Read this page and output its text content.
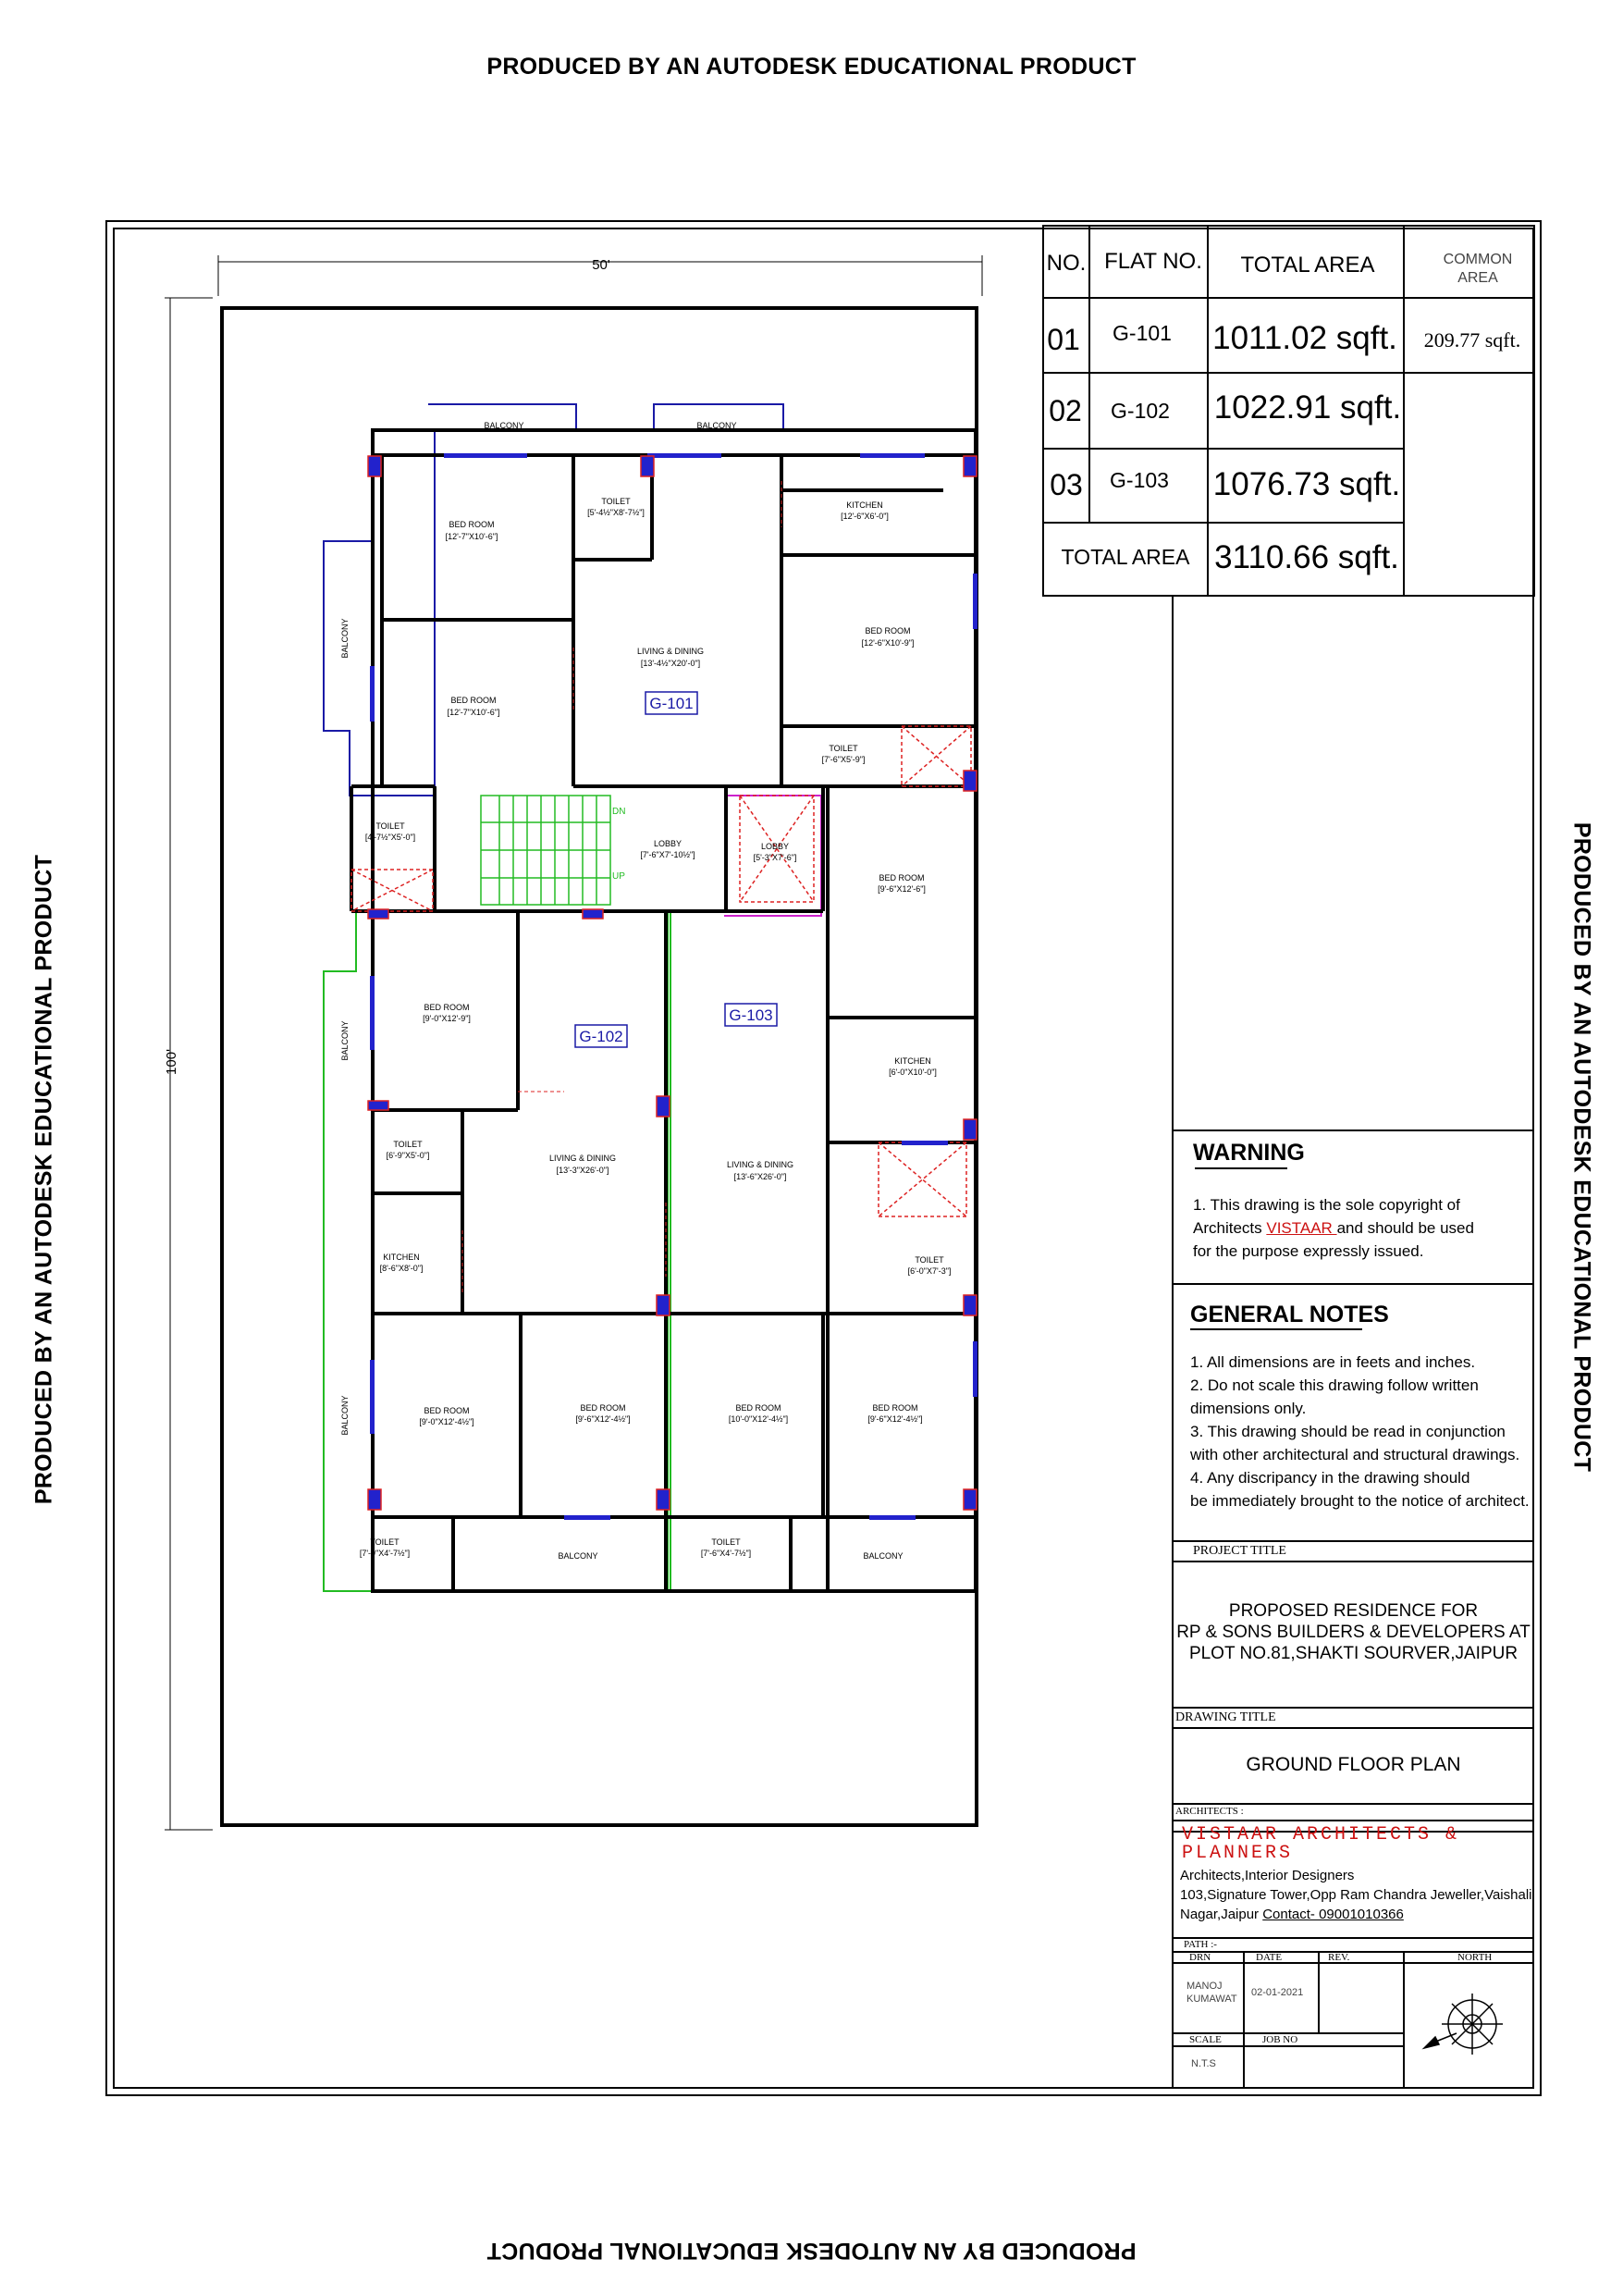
PRODUCED BY AN AUTODESK EDUCATIONAL PRODUCT
PRODUCED BY AN AUTODESK EDUCATIONAL PRODUCT
PRODUCED BY AN AUTODESK EDUCATIONAL PRODUCT	PRODUCED BY AN AUTODESK EDUCATIONAL PRODUCT
50'
100'
DN
UP
BALCONY	BALCONY
BALCONY
BALCONY
BALCONY
BALCONY	BALCONY
BED ROOM
[12'-7"X10'-6"]
TOILET
[5'-4½"X8'-7½"]
KITCHEN
[12'-6"X6'-0"]
LIVING & DINING
[13'-4½"X20'-0"]
BED ROOM
[12'-6"X10'-9"]
BED ROOM
[12'-7"X10'-6"]
TOILET
[7'-6"X5'-9"]
TOILET
[4'-7½"X5'-0"]
LOBBY
[7'-6"X7'-10½"]
LOBBY
[5'-3"X7'-6"]
BED ROOM
[9'-6"X12'-6"]
BED ROOM
[9'-0"X12'-9"]
KITCHEN
[6'-0"X10'-0"]
TOILET
[6'-9"X5'-0"]	LIVING & DINING
[13'-3"X26'-0"]
LIVING & DINING
[13'-6"X26'-0"]
KITCHEN
[8'-6"X8'-0"]
TOILET
[6'-0"X7'-3"]
BED ROOM
[9'-0"X12'-4½"]
BED ROOM
[9'-6"X12'-4½"]
BED ROOM
[10'-0"X12'-4½"]
BED ROOM
[9'-6"X12'-4½"]
TOILET
[7'-9"X4'-7½"]
TOILET
[7'-6"X4'-7½"]
G-101
G-102
G-103
NO. FLAT NO. TOTAL AREA	COMMON
AREA
01 G-101 1011.02 sqft. 209.77 sqft.
02 G-102 1022.91 sqft.
03 G-103 1076.73 sqft.
TOTAL AREA 3110.66 sqft.
WARNING
1. This drawing is the sole copyright of
Architects VISTAAR and should be used
for the purpose expressly issued.
GENERAL NOTES
1. All dimensions are in feets and inches.
2. Do not scale this drawing follow written
dimensions only.
3. This drawing should be read in conjunction
with other architectural and structural drawings.
4. Any discripancy in the drawing should
be immediately brought to the notice of architect.
PROJECT TITLE
PROPOSED RESIDENCE FOR
RP & SONS BUILDERS & DEVELOPERS AT
PLOT NO.81,SHAKTI SOURVER,JAIPUR
DRAWING TITLE
GROUND FLOOR PLAN
ARCHITECTS :
VISTAAR ARCHITECTS &
PLANNERS
Architects,Interior Designers
103,Signature Tower,Opp Ram Chandra Jeweller,Vaishali
Nagar,Jaipur Contact- 09001010366
PATH :-
DRN	DATE	REV.	NORTH
MANOJ
KUMAWAT
02-01-2021
SCALE	JOB NO
N.T.S
